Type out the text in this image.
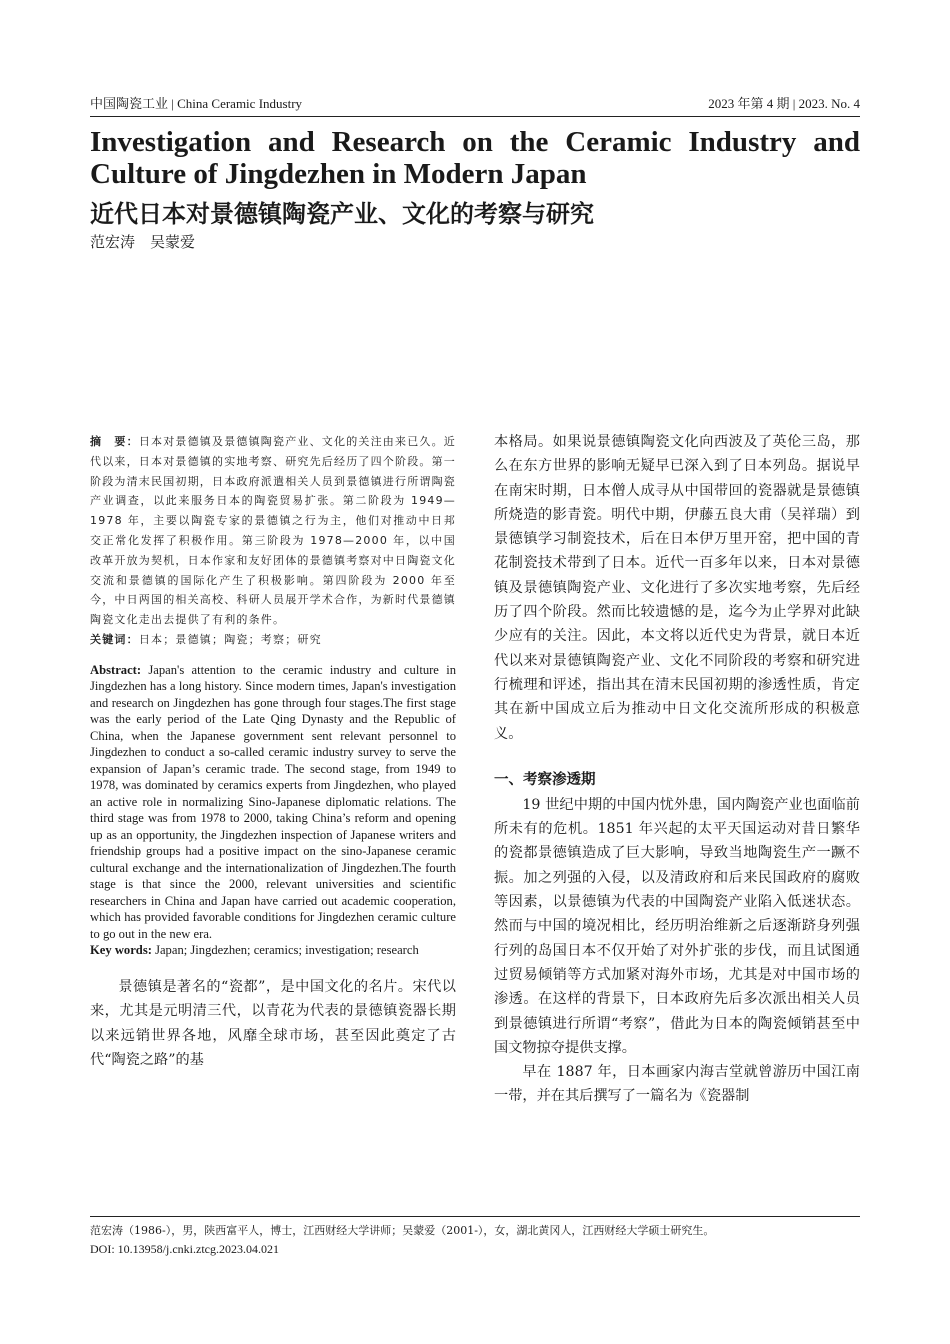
中国陶瓷工业 | China Ceramic Industry	2023 年第 4 期 | 2023. No. 4
Investigation and Research on the Ceramic Industry and Culture of Jingdezhen in Modern Japan
近代日本对景德镇陶瓷产业、文化的考察与研究
范宏涛　吴蒙爱

摘　要：日本对景德镇及景德镇陶瓷产业、文化的关注由来已久。近代以来，日本对景德镇的实地考察、研究先后经历了四个阶段。第一阶段为清末民国初期，日本政府派遣相关人员到景德镇进行所谓陶瓷产业调查，以此来服务日本的陶瓷贸易扩张。第二阶段为 1949—1978 年，主要以陶瓷专家的景德镇之行为主，他们对推动中日邦交正常化发挥了积极作用。第三阶段为 1978—2000 年，以中国改革开放为契机，日本作家和友好团体的景德镇考察对中日陶瓷文化交流和景德镇的国际化产生了积极影响。第四阶段为 2000 年至今，中日两国的相关高校、科研人员展开学术合作，为新时代景德镇陶瓷文化走出去提供了有利的条件。

关键词：日本；景德镇；陶瓷；考察；研究

Abstract: Japan's attention to the ceramic industry and culture in Jingdezhen has a long history. Since modern times, Japan's investigation and research on Jingdezhen has gone through four stages.The first stage was the early period of the Late Qing Dynasty and the Republic of China, when the Japanese government sent relevant personnel to Jingdezhen to conduct a so-called ceramic industry survey to serve the expansion of Japan’s ceramic trade. The second stage, from 1949 to 1978, was dominated by ceramics experts from Jingdezhen, who played an active role in normalizing Sino-Japanese diplomatic relations. The third stage was from 1978 to 2000, taking China’s reform and opening up as an opportunity, the Jingdezhen inspection of Japanese writers and friendship groups had a positive impact on the sino-Japanese ceramic cultural exchange and the internationalization of Jingdezhen.The fourth stage is that since the 2000, relevant universities and scientific researchers in China and Japan have carried out academic cooperation, which has provided favorable conditions for Jingdezhen ceramic culture to go out in the new era.

Key words: Japan; Jingdezhen; ceramics; investigation; research

景德镇是著名的“瓷都”，是中国文化的名片。宋代以来，尤其是元明清三代，以青花为代表的景德镇瓷器长期以来远销世界各地，风靡全球市场，甚至因此奠定了古代“陶瓷之路”的基

本格局。如果说景德镇陶瓷文化向西波及了英伦三岛，那么在东方世界的影响无疑早已深入到了日本列岛。据说早在南宋时期，日本僧人成寻从中国带回的瓷器就是景德镇所烧造的影青瓷。明代中期，伊藤五良大甫（吴祥瑞）到景德镇学习制瓷技术，后在日本伊万里开窑，把中国的青花制瓷技术带到了日本。近代一百多年以来，日本对景德镇及景德镇陶瓷产业、文化进行了多次实地考察，先后经历了四个阶段。然而比较遗憾的是，迄今为止学界对此缺少应有的关注。因此，本文将以近代史为背景，就日本近代以来对景德镇陶瓷产业、文化不同阶段的考察和研究进行梳理和评述，指出其在清末民国初期的渗透性质，肯定其在新中国成立后为推动中日文化交流所形成的积极意义。

一、考察渗透期

19 世纪中期的中国内忧外患，国内陶瓷产业也面临前所未有的危机。1851 年兴起的太平天国运动对昔日繁华的瓷都景德镇造成了巨大影响，导致当地陶瓷生产一蹶不振。加之列强的入侵，以及清政府和后来民国政府的腐败等因素，以景德镇为代表的中国陶瓷产业陷入低迷状态。然而与中国的境况相比，经历明治维新之后逐渐跻身列强行列的岛国日本不仅开始了对外扩张的步伐，而且试图通过贸易倾销等方式加紧对海外市场，尤其是对中国市场的渗透。在这样的背景下，日本政府先后多次派出相关人员到景德镇进行所谓“考察”，借此为日本的陶瓷倾销甚至中国文物掠夺提供支撑。

早在 1887 年，日本画家内海吉堂就曾游历中国江南一带，并在其后撰写了一篇名为《瓷器制

范宏涛（1986-），男，陕西富平人，博士，江西财经大学讲师；吴蒙爱（2001-），女，湖北黄冈人，江西财经大学硕士研究生。

DOI: 10.13958/j.cnki.ztcg.2023.04.021
